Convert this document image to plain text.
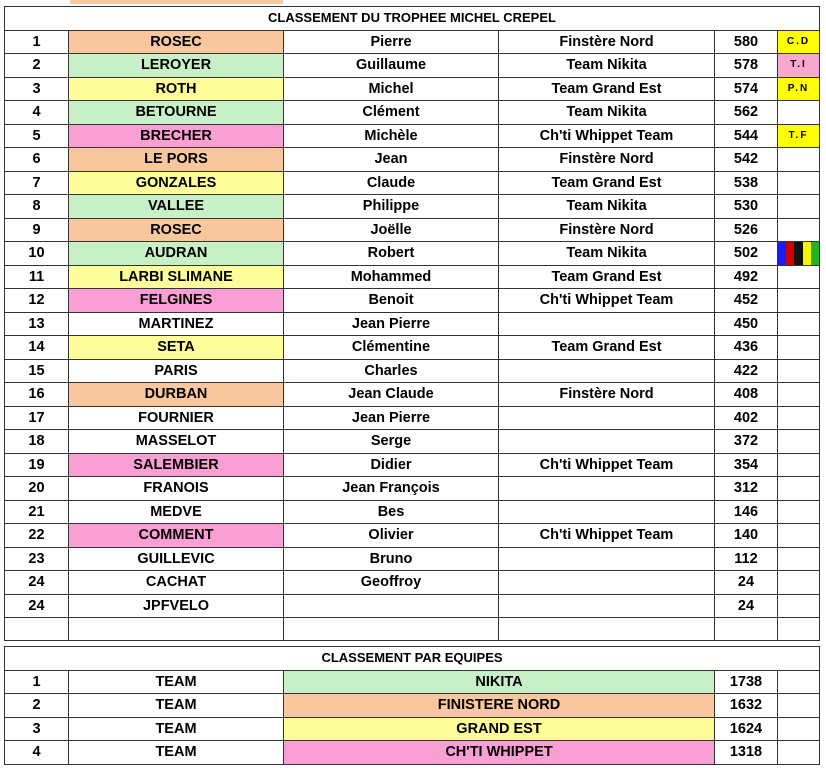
CLASSEMENT DU TROPHEE MICHEL CREPEL					
1	ROSEC	Pierre	Finstère Nord	580	C.D
2	LEROYER	Guillaume	Team Nikita	578	T.I
3	ROTH	Michel	Team Grand Est	574	P.N
4	BETOURNE	Clément	Team Nikita	562	
5	BRECHER	Michèle	Ch'ti Whippet Team	544	T.F
6	LE PORS	Jean	Finstère Nord	542	
7	GONZALES	Claude	Team Grand Est	538	
8	VALLEE	Philippe	Team Nikita	530	
9	ROSEC	Joëlle	Finstère Nord	526	
10	AUDRAN	Robert	Team Nikita	502	

11	LARBI SLIMANE	Mohammed	Team Grand Est	492	
12	FELGINES	Benoit	Ch'ti Whippet Team	452	
13	MARTINEZ	Jean Pierre		450	
14	SETA	Clémentine	Team Grand Est	436	
15	PARIS	Charles		422	
16	DURBAN	Jean Claude	Finstère Nord	408	
17	FOURNIER	Jean Pierre		402	
18	MASSELOT	Serge		372	
19	SALEMBIER	Didier	Ch'ti Whippet Team	354	
20	FRANOIS	Jean François		312	
21	MEDVE	Bes		146	
22	COMMENT	Olivier	Ch'ti Whippet Team	140	
23	GUILLEVIC	Bruno		112	
24	CACHAT	Geoffroy		24	
24	JPFVELO			24	

CLASSEMENT PAR EQUIPES				
1	TEAM	NIKITA	1738	
2	TEAM	FINISTERE NORD	1632	
3	TEAM	GRAND EST	1624	
4	TEAM	CH'TI WHIPPET	1318	
